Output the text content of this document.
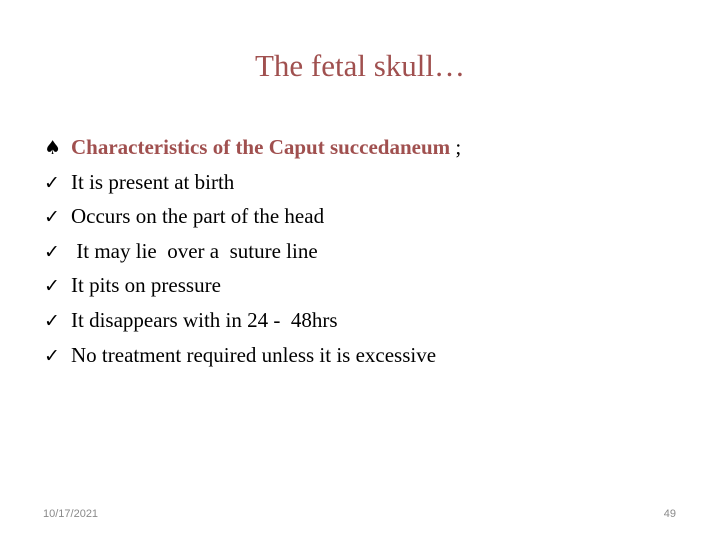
The fetal skull…
♠ Characteristics of the Caput succedaneum ;
✓ It is present at birth
✓ Occurs on the part of the head
✓ It may lie  over a  suture line
✓ It pits on pressure
✓ It disappears with in 24 -  48hrs
✓ No treatment required unless it is excessive
10/17/2021	49
